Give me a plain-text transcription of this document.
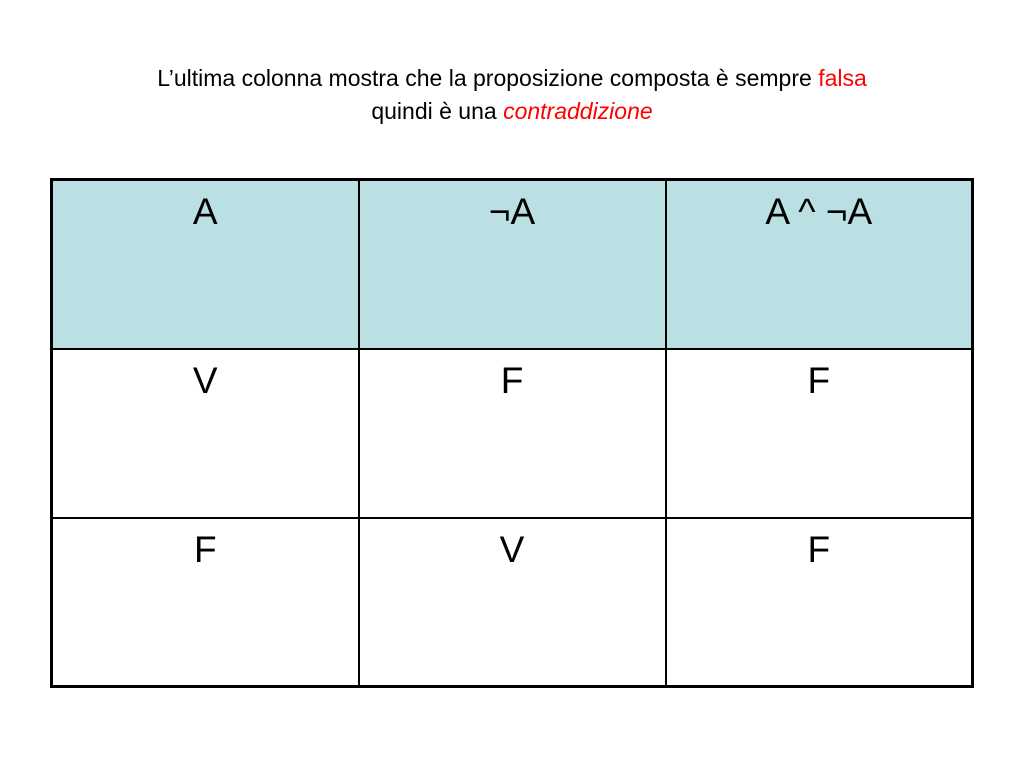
L’ultima colonna mostra che la proposizione composta è sempre falsa
quindi è una contraddizione
A	¬A	A ^ ¬A
V	F	F
F	V	F
